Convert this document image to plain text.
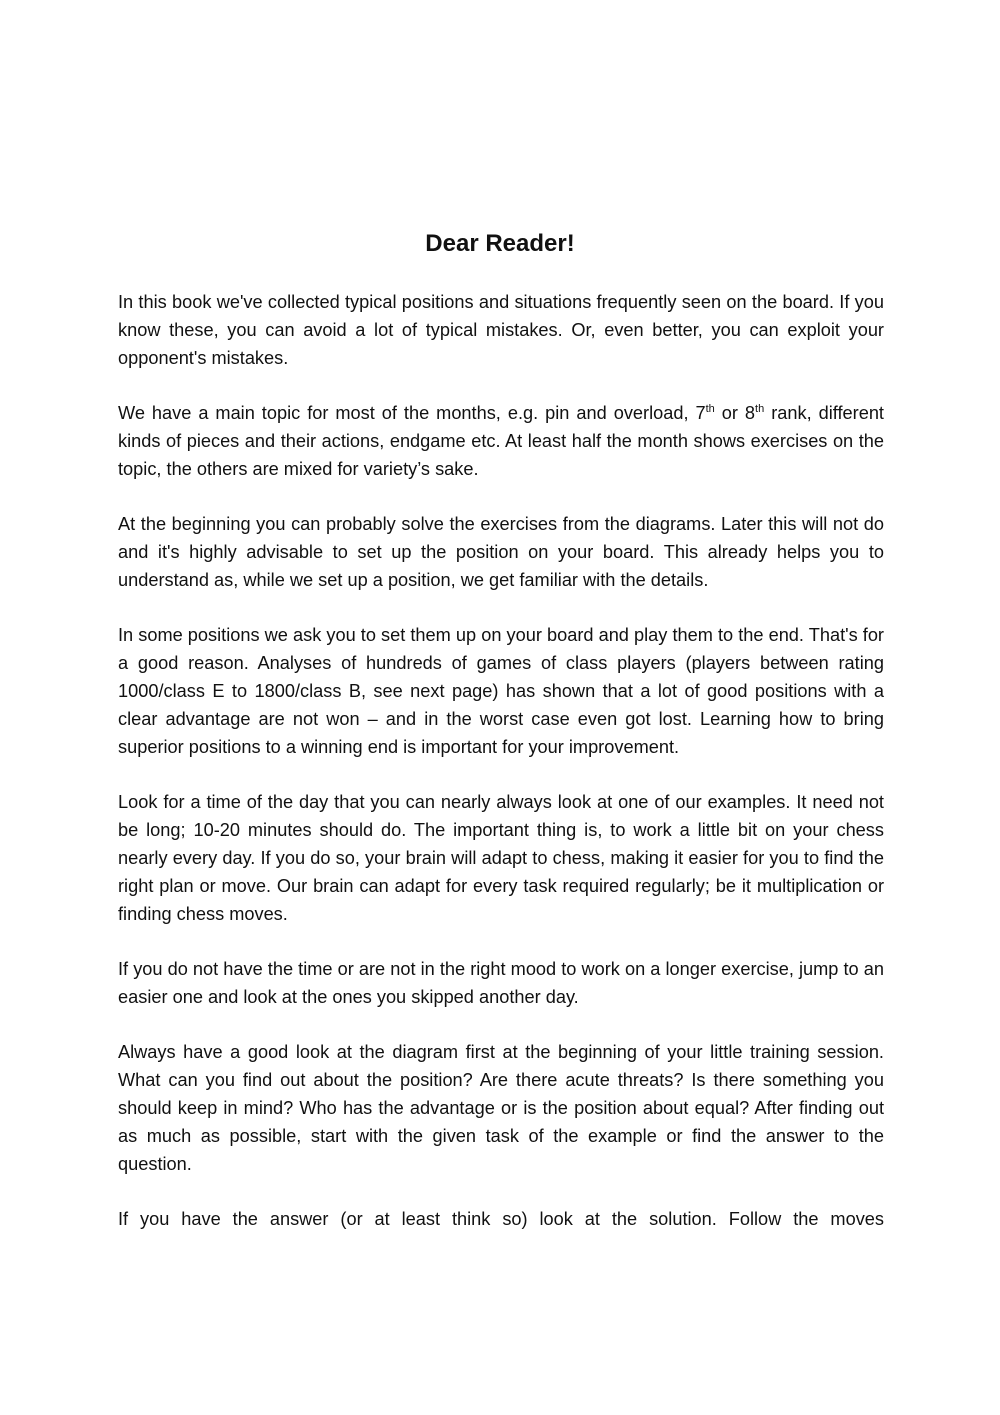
Dear Reader!

In this book we've collected typical positions and situations frequently seen on the board. If you know these, you can avoid a lot of typical mistakes. Or, even better, you can exploit your opponent's mistakes.

We have a main topic for most of the months, e.g. pin and overload, 7th or 8th rank, different kinds of pieces and their actions, endgame etc. At least half the month shows exercises on the topic, the others are mixed for variety’s sake.

At the beginning you can probably solve the exercises from the diagrams. Later this will not do and it's highly advisable to set up the position on your board. This already helps you to understand as, while we set up a position, we get familiar with the details.

In some positions we ask you to set them up on your board and play them to the end. That's for a good reason. Analyses of hundreds of games of class players (players between rating 1000/class E to 1800/class B, see next page) has shown that a lot of good positions with a clear advantage are not won – and in the worst case even got lost. Learning how to bring superior positions to a winning end is important for your improvement.

Look for a time of the day that you can nearly always look at one of our examples. It need not be long; 10-20 minutes should do. The important thing is, to work a little bit on your chess nearly every day. If you do so, your brain will adapt to chess, making it easier for you to find the right plan or move. Our brain can adapt for every task required regularly; be it multiplication or finding chess moves.

If you do not have the time or are not in the right mood to work on a longer exercise, jump to an easier one and look at the ones you skipped another day.

Always have a good look at the diagram first at the beginning of your little training session. What can you find out about the position? Are there acute threats? Is there something you should keep in mind? Who has the advantage or is the position about equal? After finding out as much as possible, start with the given task of the example or find the answer to the question.

If you have the answer (or at least think so) look at the solution. Follow the moves
